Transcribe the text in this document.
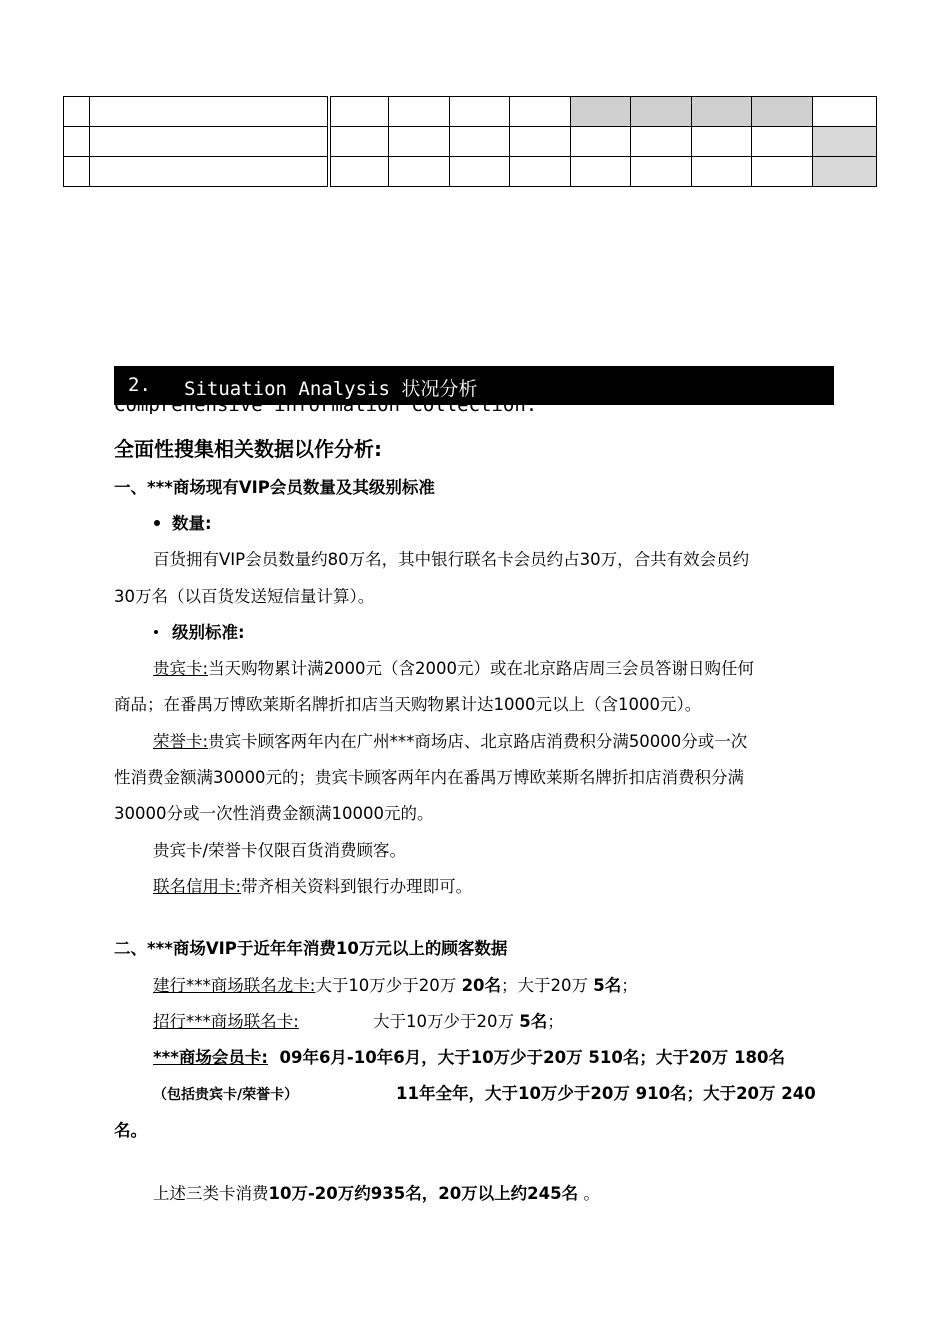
2. Situation Analysis 状况分析
全面性搜集相关数据以作分析:
一、***商场现有VIP会员数量及其级别标准
数量:
百货拥有VIP会员数量约80万名，其中银行联名卡会员约占30万，合共有效会员约
30万名（以百货发送短信量计算）。
级别标准:
贵宾卡:当天购物累计满2000元（含2000元）或在北京路店周三会员答谢日购任何
商品；在番禺万博欧莱斯名牌折扣店当天购物累计达1000元以上（含1000元）。
荣誉卡:贵宾卡顾客两年内在广州***商场店、北京路店消费积分满50000分或一次
性消费金额满30000元的；贵宾卡顾客两年内在番禺万博欧莱斯名牌折扣店消费积分满
30000分或一次性消费金额满10000元的。
贵宾卡/荣誉卡仅限百货消费顾客。
联名信用卡:带齐相关资料到银行办理即可。
二、***商场VIP于近年年消费10万元以上的顾客数据
建行***商场联名龙卡:大于10万少于20万 20名；大于20万 5名；
招行***商场联名卡:	大于10万少于20万 5名；
***商场会员卡: 09年6月-10年6月，大于10万少于20万 510名；大于20万 180名
（包括贵宾卡/荣誉卡）	11年全年，大于10万少于20万 910名；大于20万 240
名。
上述三类卡消费10万-20万约935名，20万以上约245名 。
